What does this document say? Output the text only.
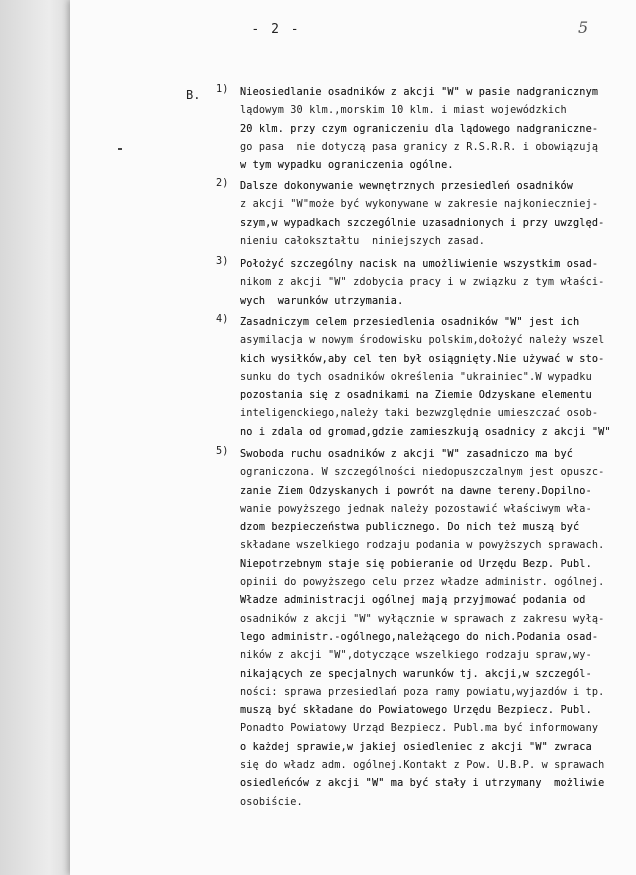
- 2 -	5
B. 1) Nieosiedlanie osadników z akcji "W" w pasie nadgranicznym
lądowym 30 klm.,morskim 10 klm. i miast wojewódzkich
20 klm. przy czym ograniczeniu dla lądowego nadgraniczne-
go pasa  nie dotyczą pasa granicy z R.S.R.R. i obowiązują
w tym wypadku ograniczenia ogólne.
2) Dalsze dokonywanie wewnętrznych przesiedleń osadników
z akcji "W"może być wykonywane w zakresie najkonieczniej-
szym,w wypadkach szczególnie uzasadnionych i przy uwzględ-
nieniu całokształtu  niniejszych zasad.
3) Położyć szczególny nacisk na umożliwienie wszystkim osad-
nikom z akcji "W" zdobycia pracy i w związku z tym właści-
wych  warunków utrzymania.
4) Zasadniczym celem przesiedlenia osadników "W" jest ich
asymilacja w nowym środowisku polskim,dołożyć należy wszel
kich wysiłków,aby cel ten był osiągnięty.Nie używać w sto-
sunku do tych osadników określenia "ukrainiec".W wypadku
pozostania się z osadnikami na Ziemie Odzyskane elementu
inteligenckiego,należy taki bezwzględnie umieszczać osob-
no i zdala od gromad,gdzie zamieszkują osadnicy z akcji "W"
5) Swoboda ruchu osadników z akcji "W" zasadniczo ma być
ograniczona. W szczególności niedopuszczalnym jest opuszc-
zanie Ziem Odzyskanych i powrót na dawne tereny.Dopilno-
wanie powyższego jednak należy pozostawić właściwym wła-
dzom bezpieczeństwa publicznego. Do nich też muszą być
składane wszelkiego rodzaju podania w powyższych sprawach.
Niepotrzebnym staje się pobieranie od Urzędu Bezp. Publ.
opinii do powyższego celu przez władze administr. ogólnej.
Władze administracji ogólnej mają przyjmować podania od
osadników z akcji "W" wyłącznie w sprawach z zakresu wyłą-
lego administr.-ogólnego,należącego do nich.Podania osad-
ników z akcji "W",dotyczące wszelkiego rodzaju spraw,wy-
nikających ze specjalnych warunków tj. akcji,w szczegól-
ności: sprawa przesiedlań poza ramy powiatu,wyjazdów i tp.
muszą być składane do Powiatowego Urzędu Bezpiecz. Publ.
Ponadto Powiatowy Urząd Bezpiecz. Publ.ma być informowany
o każdej sprawie,w jakiej osiedleniec z akcji "W" zwraca
się do władz adm. ogólnej.Kontakt z Pow. U.B.P. w sprawach
osiedleńców z akcji "W" ma być stały i utrzymany  możliwie
osobiście.
